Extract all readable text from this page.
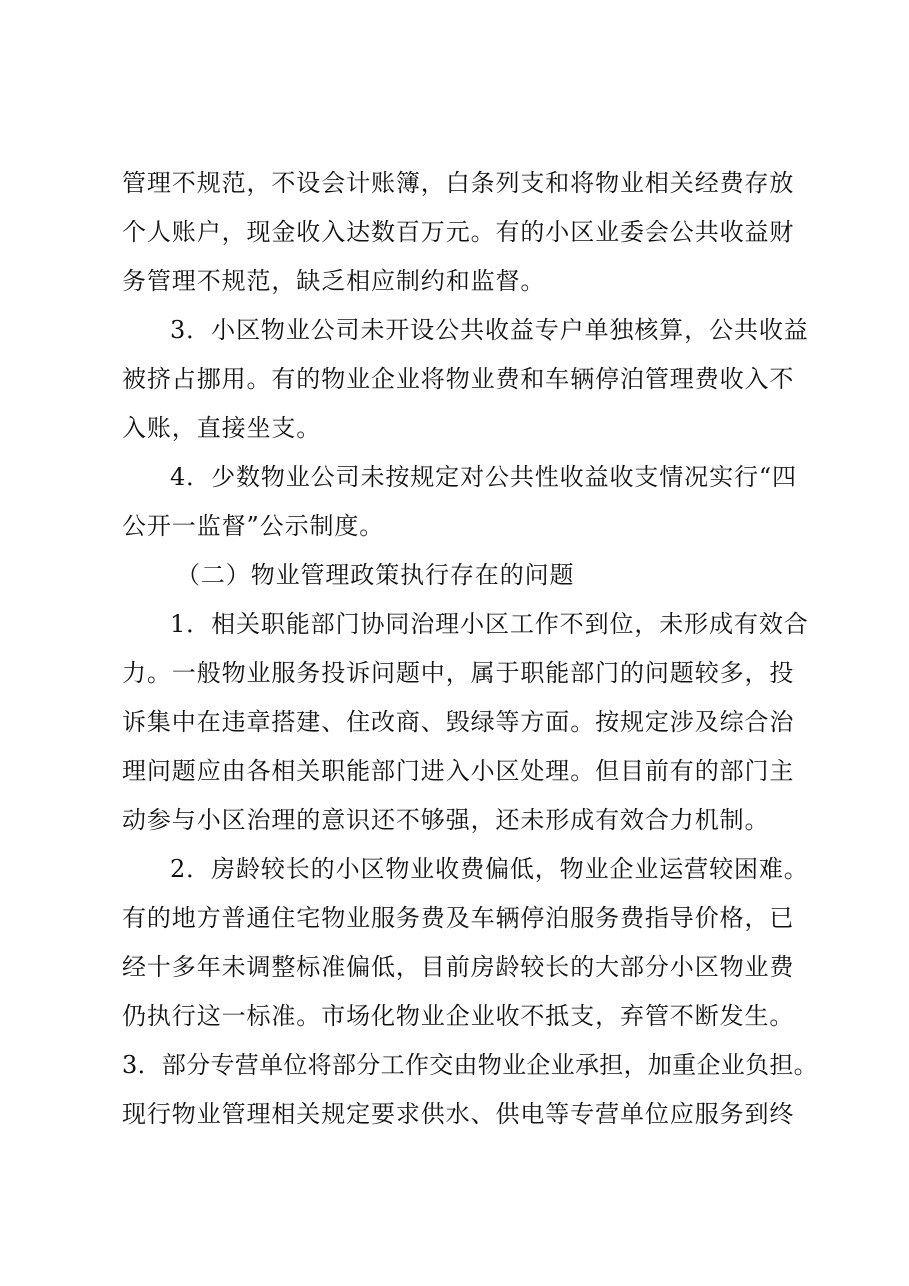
管理不规范，不设会计账簿，白条列支和将物业相关经费存放
个人账户，现金收入达数百万元。有的小区业委会公共收益财
务管理不规范，缺乏相应制约和监督。
3．小区物业公司未开设公共收益专户单独核算，公共收益
被挤占挪用。有的物业企业将物业费和车辆停泊管理费收入不
入账，直接坐支。
4．少数物业公司未按规定对公共性收益收支情况实行“四
公开一监督”公示制度。
（二）物业管理政策执行存在的问题
1．相关职能部门协同治理小区工作不到位，未形成有效合
力。一般物业服务投诉问题中，属于职能部门的问题较多，投
诉集中在违章搭建、住改商、毁绿等方面。按规定涉及综合治
理问题应由各相关职能部门进入小区处理。但目前有的部门主
动参与小区治理的意识还不够强，还未形成有效合力机制。
2．房龄较长的小区物业收费偏低，物业企业运营较困难。
有的地方普通住宅物业服务费及车辆停泊服务费指导价格，已
经十多年未调整标准偏低，目前房龄较长的大部分小区物业费
仍执行这一标准。市场化物业企业收不抵支，弃管不断发生。
3．部分专营单位将部分工作交由物业企业承担，加重企业负担。
现行物业管理相关规定要求供水、供电等专营单位应服务到终
